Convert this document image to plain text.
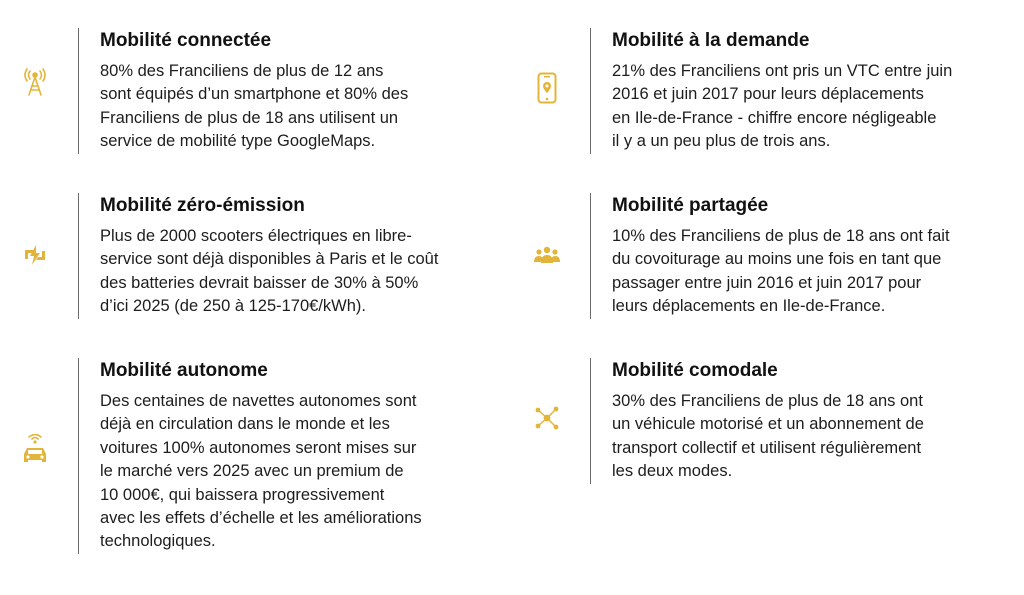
Mobilité connectée

80% des Franciliens de plus de 12 ans
sont équipés d’un smartphone et 80% des
Franciliens de plus de 18 ans utilisent un
service de mobilité type GoogleMaps.

Mobilité à la demande

21% des Franciliens ont pris un VTC entre juin
2016 et juin 2017 pour leurs déplacements
en Ile-de-France - chiffre encore négligeable
il y a un peu plus de trois ans.

Mobilité zéro-émission

Plus de 2000 scooters électriques en libre-
service sont déjà disponibles à Paris et le coût
des batteries devrait baisser de 30% à 50%
d’ici 2025 (de 250 à 125-170€/kWh).

Mobilité partagée

10% des Franciliens de plus de 18 ans ont fait
du covoiturage au moins une fois en tant que
passager entre juin 2016 et juin 2017 pour
leurs déplacements en Ile-de-France.

Mobilité autonome

Des centaines de navettes autonomes sont
déjà en circulation dans le monde et les
voitures 100% autonomes seront mises sur
le marché vers 2025 avec un premium de
10 000€, qui baissera progressivement
avec les effets d’échelle et les améliorations
technologiques.

Mobilité comodale

30% des Franciliens de plus de 18 ans ont
un véhicule motorisé et un abonnement de
transport collectif et utilisent régulièrement
les deux modes.
